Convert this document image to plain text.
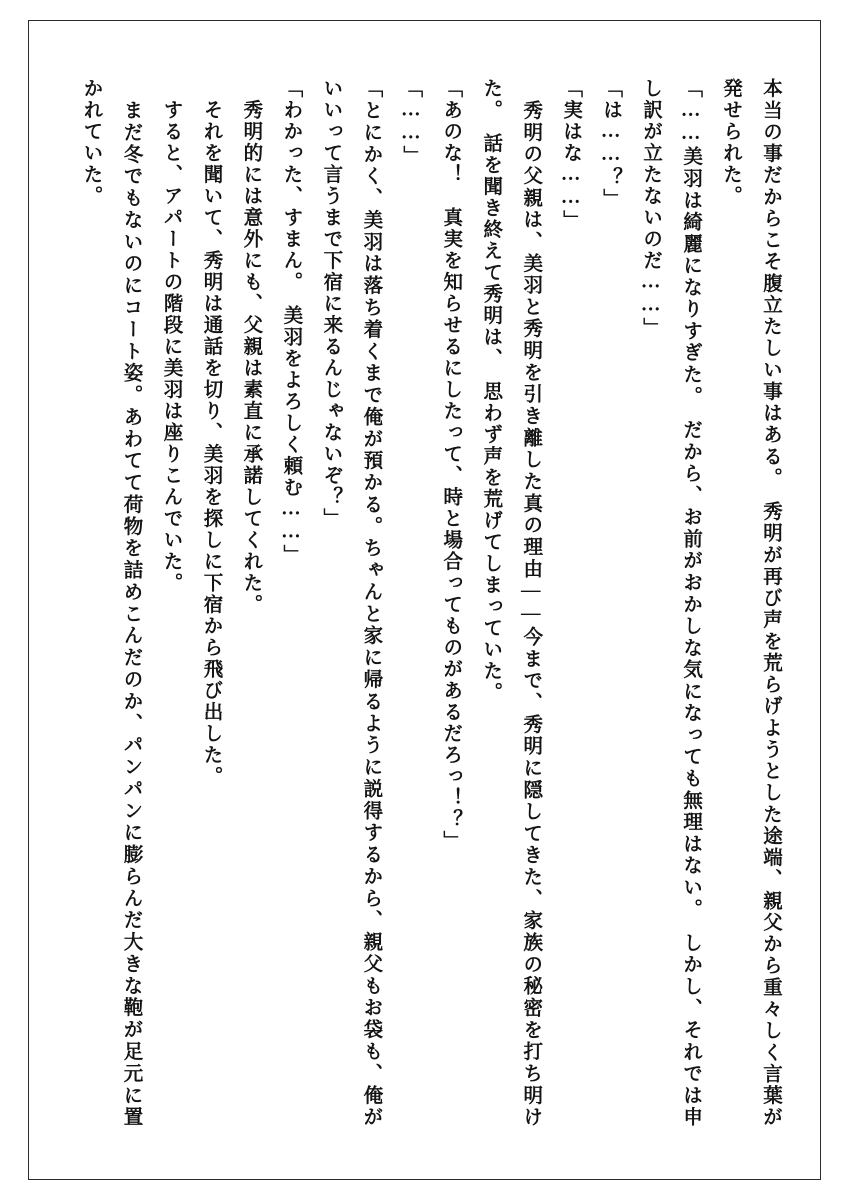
本当の事だからこそ腹立たしい事はある。　秀明が再び声を荒らげようとした途端、親父から重々しく言葉が発せられた。

「……美羽は綺麗になりすぎた。　だから、お前がおかしな気になっても無理はない。　しかし、それでは申し訳が立たないのだ……」

「は……？」

「実はな……」

　秀明の父親は、美羽と秀明を引き離した真の理由――今まで、秀明に隠してきた、家族の秘密を打ち明けた。　話を聞き終えて秀明は、　思わず声を荒げてしまっていた。

「あのな！　真実を知らせるにしたって、時と場合ってものがあるだろっ！？」

「……」

「とにかく、美羽は落ち着くまで俺が預かる。ちゃんと家に帰るように説得するから、親父もお袋も、俺がいいって言うまで下宿に来るんじゃないぞ？」

「わかった、すまん。　美羽をよろしく頼む……」

　秀明的には意外にも、父親は素直に承諾してくれた。

　それを聞いて、秀明は通話を切り、美羽を探しに下宿から飛び出した。

　すると、アパートの階段に美羽は座りこんでいた。

　まだ冬でもないのにコート姿。あわてて荷物を詰めこんだのか、パンパンに膨らんだ大きな鞄が足元に置かれていた。
